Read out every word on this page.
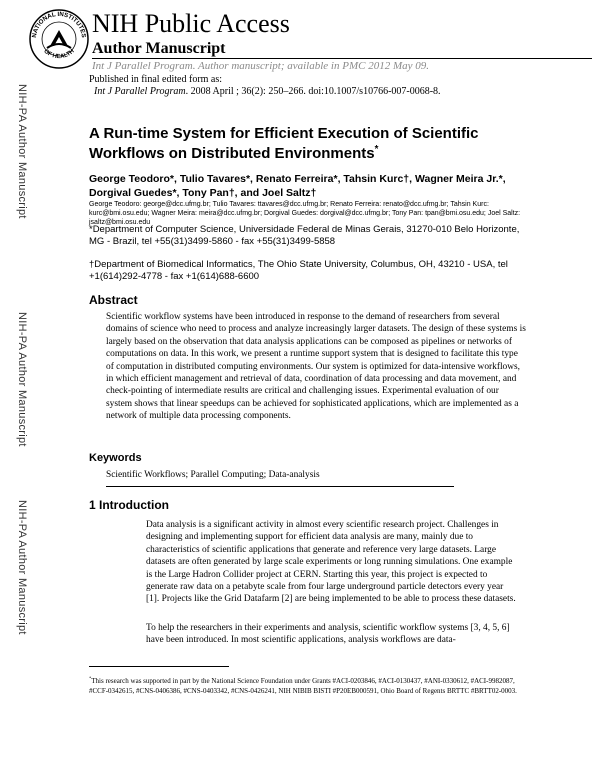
NATIONAL INSTITUTES
OF HEALTH
NIH Public Access
Author Manuscript
Int J Parallel Program. Author manuscript; available in PMC 2012 May 09.
Published in final edited form as:
Int J Parallel Program. 2008 April ; 36(2): 250–266. doi:10.1007/s10766-007-0068-8.
NIH-PA Author Manuscript
NIH-PA Author Manuscript
NIH-PA Author Manuscript
A Run-time System for Efficient Execution of Scientific Workflows on Distributed Environments*
George Teodoro*, Tulio Tavares*, Renato Ferreira*, Tahsin Kurc†, Wagner Meira Jr.*,
Dorgival Guedes*, Tony Pan†, and Joel Saltz†
George Teodoro: george@dcc.ufmg.br; Tulio Tavares: ttavares@dcc.ufmg.br; Renato Ferreira: renato@dcc.ufmg.br; Tahsin Kurc: kurc@bmi.osu.edu; Wagner Meira: meira@dcc.ufmg.br; Dorgival Guedes: dorgival@dcc.ufmg.br; Tony Pan: tpan@bmi.osu.edu; Joel Saltz: jsaltz@bmi.osu.edu
*Department of Computer Science, Universidade Federal de Minas Gerais, 31270-010 Belo Horizonte, MG - Brazil, tel +55(31)3499-5860 - fax +55(31)3499-5858
†Department of Biomedical Informatics, The Ohio State University, Columbus, OH, 43210 - USA, tel +1(614)292-4778 - fax +1(614)688-6600
Abstract
Scientific workflow systems have been introduced in response to the demand of researchers from several domains of science who need to process and analyze increasingly larger datasets. The design of these systems is largely based on the observation that data analysis applications can be composed as pipelines or networks of computations on data. In this work, we present a runtime support system that is designed to facilitate this type of computation in distributed computing environments. Our system is optimized for data-intensive workflows, in which efficient management and retrieval of data, coordination of data processing and data movement, and check-pointing of intermediate results are critical and challenging issues. Experimental evaluation of our system shows that linear speedups can be achieved for sophisticated applications, which are implemented as a network of multiple data processing components.
Keywords
Scientific Workflows; Parallel Computing; Data-analysis
1 Introduction
Data analysis is a significant activity in almost every scientific research project. Challenges in designing and implementing support for efficient data analysis are many, mainly due to characteristics of scientific applications that generate and reference very large datasets. Large datasets are often generated by large scale experiments or long running simulations. One example is the Large Hadron Collider project at CERN. Starting this year, this project is expected to generate raw data on a petabyte scale from four large underground particle detectors every year [1]. Projects like the Grid Datafarm [2] are being implemented to be able to process these datasets.
To help the researchers in their experiments and analysis, scientific workflow systems [3, 4, 5, 6] have been introduced. In most scientific applications, analysis workflows are data-
*This research was supported in part by the National Science Foundation under Grants #ACI-0203846, #ACI-0130437, #ANI-0330612, #ACI-9982087, #CCF-0342615, #CNS-0406386, #CNS-0403342, #CNS-0426241, NIH NIBIB BISTI #P20EB000591, Ohio Board of Regents BRTTC #BRTT02-0003.
